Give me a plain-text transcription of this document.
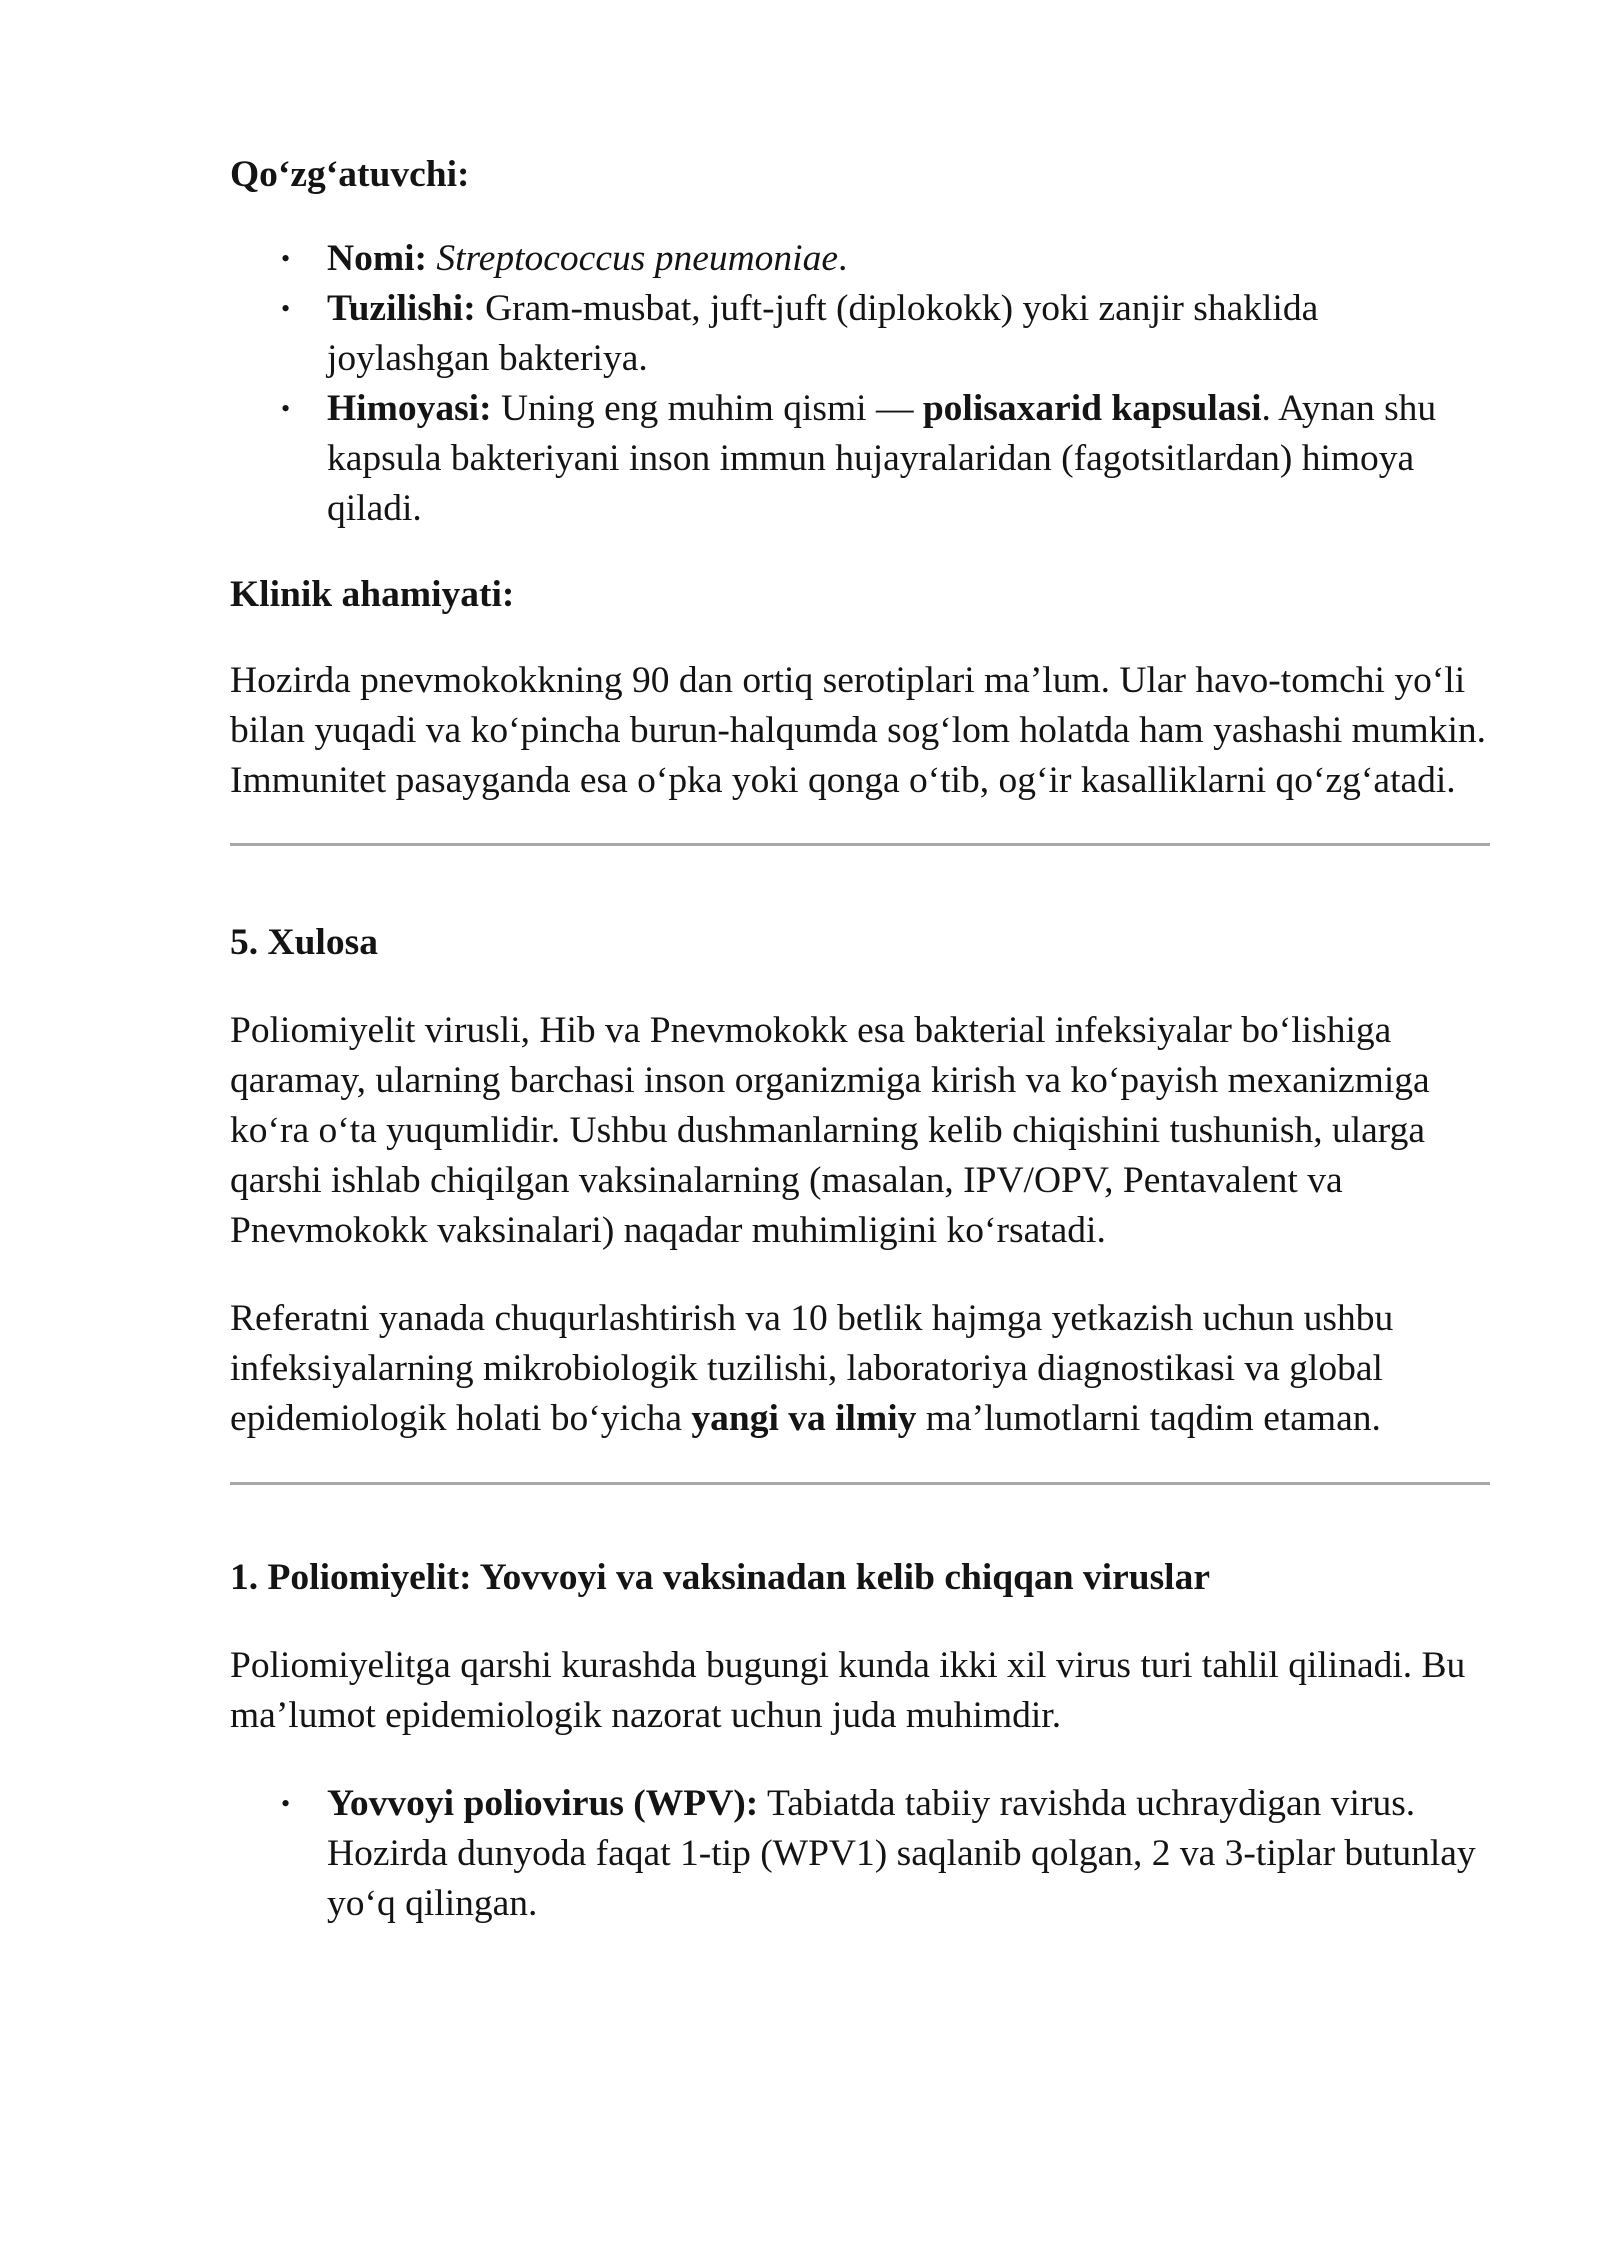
Qo‘zg‘atuvchi:

• Nomi: Streptococcus pneumoniae.
• Tuzilishi: Gram-musbat, juft-juft (diplokokk) yoki zanjir shaklida joylashgan bakteriya.
• Himoyasi: Uning eng muhim qismi — polisaxarid kapsulasi. Aynan shu kapsula bakteriyani inson immun hujayralaridan (fagotsitlardan) himoya qiladi.

Klinik ahamiyati:

Hozirda pnevmokokkning 90 dan ortiq serotiplari ma’lum. Ular havo-tomchi yo‘li bilan yuqadi va ko‘pincha burun-halqumda sog‘lom holatda ham yashashi mumkin. Immunitet pasayganda esa o‘pka yoki qonga o‘tib, og‘ir kasalliklarni qo‘zg‘atadi.

5. Xulosa

Poliomiyelit virusli, Hib va Pnevmokokk esa bakterial infeksiyalar bo‘lishiga qaramay, ularning barchasi inson organizmiga kirish va ko‘payish mexanizmiga ko‘ra o‘ta yuqumlidir. Ushbu dushmanlarning kelib chiqishini tushunish, ularga qarshi ishlab chiqilgan vaksinalarning (masalan, IPV/OPV, Pentavalent va Pnevmokokk vaksinalari) naqadar muhimligini ko‘rsatadi.

Referatni yanada chuqurlashtirish va 10 betlik hajmga yetkazish uchun ushbu infeksiyalarning mikrobiologik tuzilishi, laboratoriya diagnostikasi va global epidemiologik holati bo‘yicha yangi va ilmiy ma’lumotlarni taqdim etaman.

1. Poliomiyelit: Yovvoyi va vaksinadan kelib chiqqan viruslar

Poliomiyelitga qarshi kurashda bugungi kunda ikki xil virus turi tahlil qilinadi. Bu ma’lumot epidemiologik nazorat uchun juda muhimdir.

• Yovvoyi poliovirus (WPV): Tabiatda tabiiy ravishda uchraydigan virus. Hozirda dunyoda faqat 1-tip (WPV1) saqlanib qolgan, 2 va 3-tiplar butunlay yo‘q qilingan.
